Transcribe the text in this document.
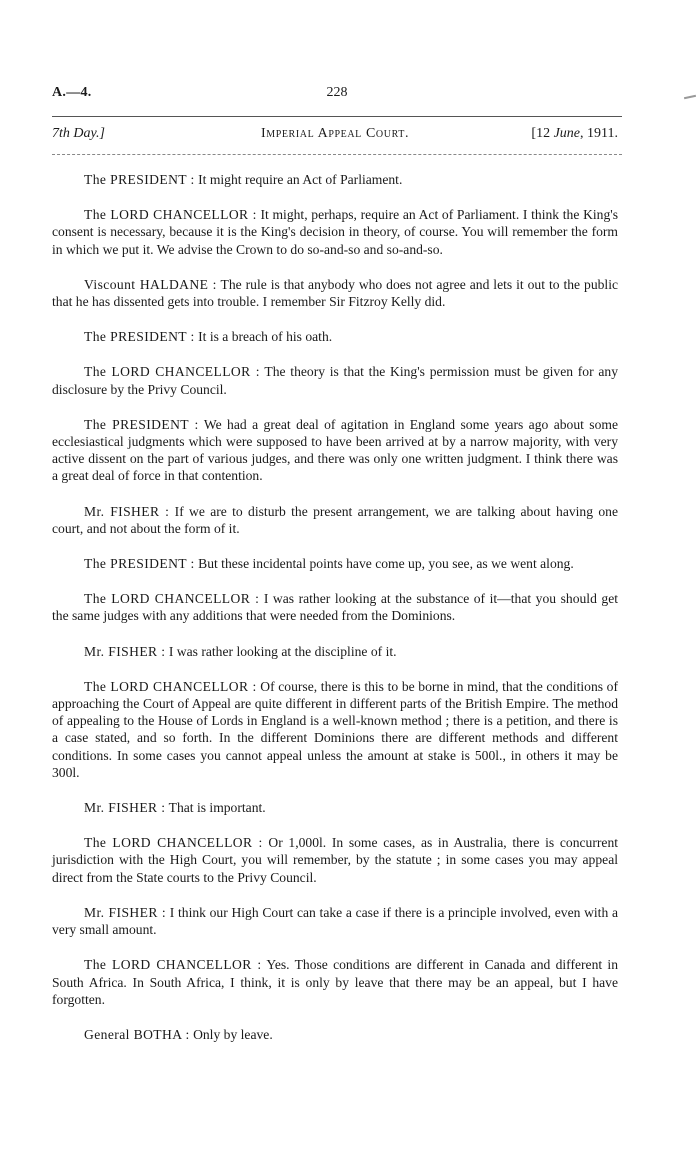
A.—4.	228
7th Day.]	Imperial Appeal Court.	[12 June, 1911.

The PRESIDENT : It might require an Act of Parliament.

The LORD CHANCELLOR : It might, perhaps, require an Act of Parliament. I think the King's consent is necessary, because it is the King's decision in theory, of course. You will remember the form in which we put it. We advise the Crown to do so-and-so and so-and-so.

Viscount HALDANE : The rule is that anybody who does not agree and lets it out to the public that he has dissented gets into trouble. I remember Sir Fitzroy Kelly did.

The PRESIDENT : It is a breach of his oath.

The LORD CHANCELLOR : The theory is that the King's permission must be given for any disclosure by the Privy Council.

The PRESIDENT : We had a great deal of agitation in England some years ago about some ecclesiastical judgments which were supposed to have been arrived at by a narrow majority, with very active dissent on the part of various judges, and there was only one written judgment. I think there was a great deal of force in that contention.

Mr. FISHER : If we are to disturb the present arrangement, we are talking about having one court, and not about the form of it.

The PRESIDENT : But these incidental points have come up, you see, as we went along.

The LORD CHANCELLOR : I was rather looking at the substance of it—that you should get the same judges with any additions that were needed from the Dominions.

Mr. FISHER : I was rather looking at the discipline of it.

The LORD CHANCELLOR : Of course, there is this to be borne in mind, that the conditions of approaching the Court of Appeal are quite different in different parts of the British Empire. The method of appealing to the House of Lords in England is a well-known method ; there is a petition, and there is a case stated, and so forth. In the different Dominions there are different methods and different conditions. In some cases you cannot appeal unless the amount at stake is 500l., in others it may be 300l.

Mr. FISHER : That is important.

The LORD CHANCELLOR : Or 1,000l. In some cases, as in Australia, there is concurrent jurisdiction with the High Court, you will remember, by the statute ; in some cases you may appeal direct from the State courts to the Privy Council.

Mr. FISHER : I think our High Court can take a case if there is a principle involved, even with a very small amount.

The LORD CHANCELLOR : Yes. Those conditions are different in Canada and different in South Africa. In South Africa, I think, it is only by leave that there may be an appeal, but I have forgotten.

General BOTHA : Only by leave.
